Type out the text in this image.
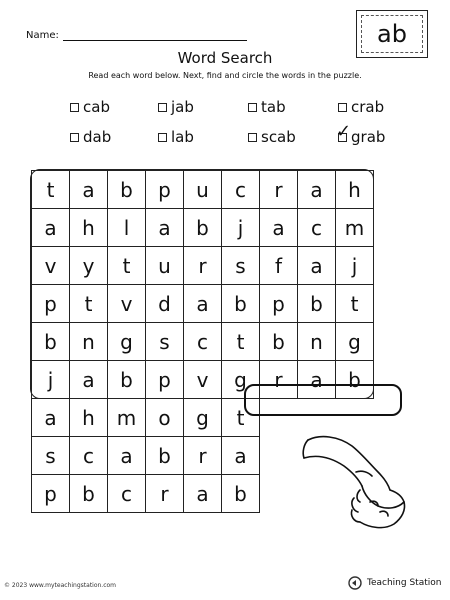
Name:	ab
Word Search
Read each word below. Next, find and circle the words in the puzzle.
cab	jab	tab	crab
dab	lab	scab ✓ grab
t	a	b	p	u	c	r	a	h
a	h	l	a	b	j	a	c	m
v	y	t	u	r	s	f	a	j
p	t	v	d	a	b	p	b	t
b	n	g	s	c	t	b	n	g
j	a	b	p	v	g	r	a	b
a	h	m	o	g	t
s	c	a	b	r	a
p	b	c	r	a	b
© 2023 www.myteachingstation.com	Teaching Station
